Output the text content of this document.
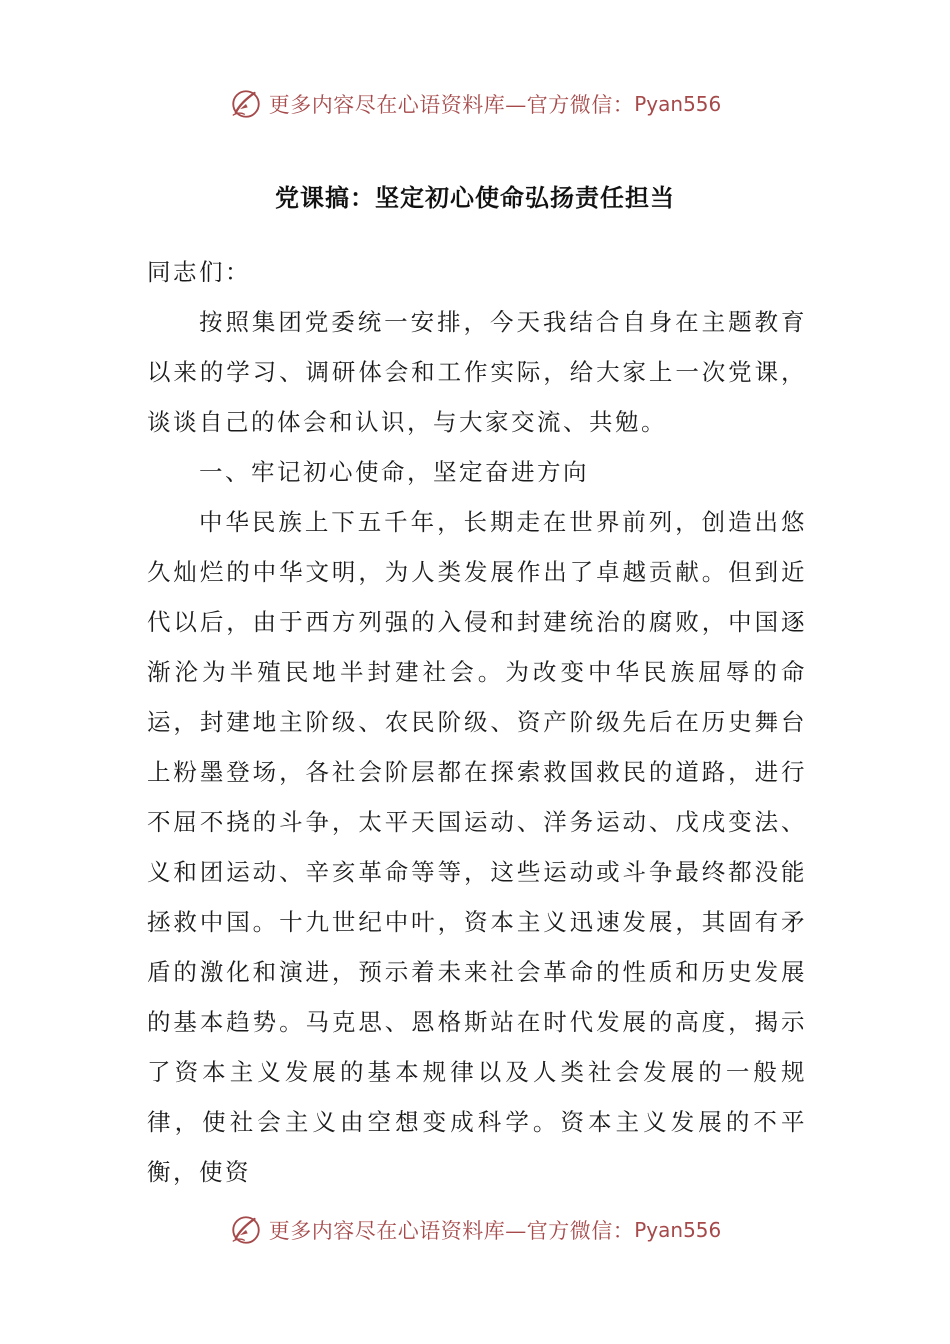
更多内容尽在心语资料库—官方微信： Pyan556
党课搞：坚定初心使命弘扬责任担当

同志们：

按照集团党委统一安排，今天我结合自身在主题教育以来的学习、调研体会和工作实际，给大家上一次党课，谈谈自己的体会和认识，与大家交流、共勉。

一、牢记初心使命，坚定奋进方向

中华民族上下五千年，长期走在世界前列，创造出悠久灿烂的中华文明，为人类发展作出了卓越贡献。但到近代以后，由于西方列强的入侵和封建统治的腐败，中国逐渐沦为半殖民地半封建社会。为改变中华民族屈辱的命运，封建地主阶级、农民阶级、资产阶级先后在历史舞台上粉墨登场，各社会阶层都在探索救国救民的道路，进行不屈不挠的斗争，太平天国运动、洋务运动、戊戌变法、义和团运动、辛亥革命等等，这些运动或斗争最终都没能拯救中国。十九世纪中叶，资本主义迅速发展，其固有矛盾的激化和演进，预示着未来社会革命的性质和历史发展的基本趋势。马克思、恩格斯站在时代发展的高度，揭示了资本主义发展的基本规律以及人类社会发展的一般规律，使社会主义由空想变成科学。资本主义发展的不平衡，使资

更多内容尽在心语资料库—官方微信： Pyan556
